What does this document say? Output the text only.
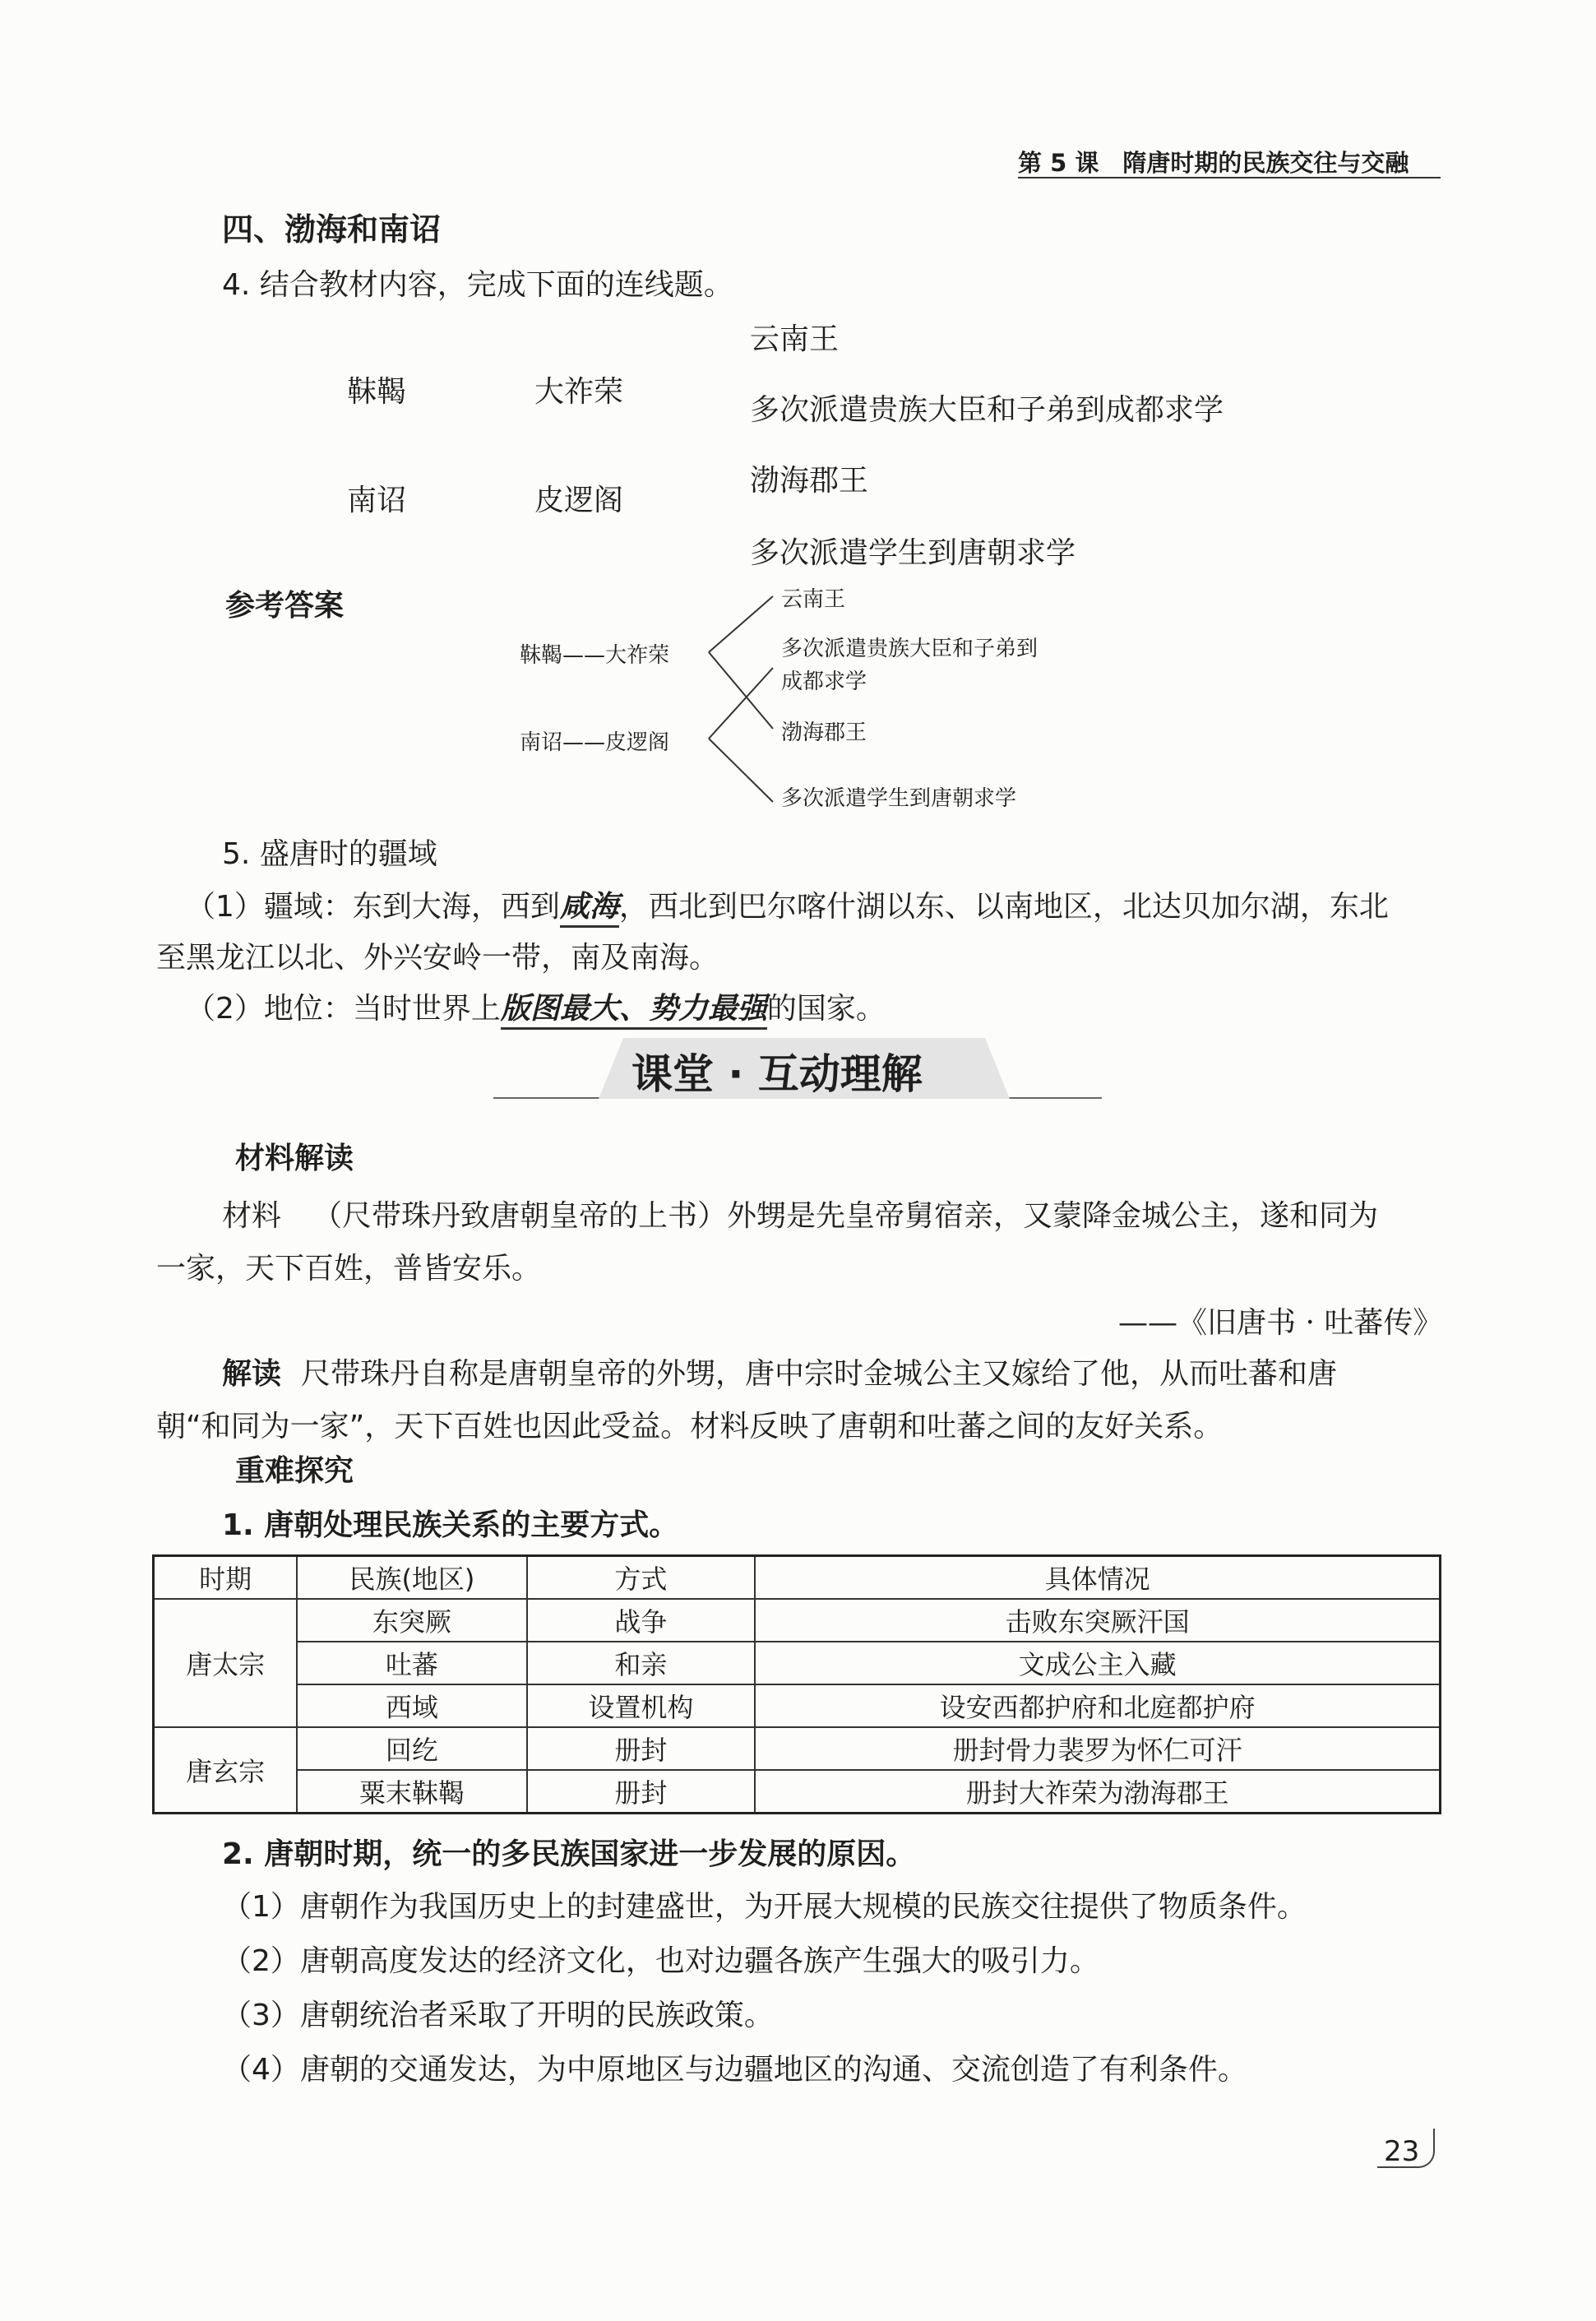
第 5 课　隋唐时期的民族交往与交融
四、渤海和南诏
4. 结合教材内容，完成下面的连线题。
靺鞨
南诏
大祚荣
皮逻阁
云南王
多次派遣贵族大臣和子弟到成都求学
渤海郡王
多次派遣学生到唐朝求学
参考答案
靺鞨——大祚荣
南诏——皮逻阁
云南王
多次派遣贵族大臣和子弟到
成都求学
渤海郡王
多次派遣学生到唐朝求学
5. 盛唐时的疆域
（1）疆域：东到大海，西到咸海，西北到巴尔喀什湖以东、以南地区，北达贝加尔湖，东北
至黑龙江以北、外兴安岭一带，南及南海。
（2）地位：当时世界上版图最大、势力最强的国家。
课堂 · 互动理解
材料解读
材料 （尺带珠丹致唐朝皇帝的上书）外甥是先皇帝舅宿亲，又蒙降金城公主，遂和同为
一家，天下百姓，普皆安乐。
——《旧唐书 · 吐蕃传》
解读 尺带珠丹自称是唐朝皇帝的外甥，唐中宗时金城公主又嫁给了他，从而吐蕃和唐
朝“和同为一家”，天下百姓也因此受益。材料反映了唐朝和吐蕃之间的友好关系。
重难探究
1. 唐朝处理民族关系的主要方式。
时期	民族(地区)	方式	具体情况
唐太宗	东突厥	战争	击败东突厥汗国
	吐蕃	和亲	文成公主入藏
	西域	设置机构	设安西都护府和北庭都护府
唐玄宗	回纥	册封	册封骨力裴罗为怀仁可汗
	粟末靺鞨	册封	册封大祚荣为渤海郡王
2. 唐朝时期，统一的多民族国家进一步发展的原因。
（1）唐朝作为我国历史上的封建盛世，为开展大规模的民族交往提供了物质条件。
（2）唐朝高度发达的经济文化，也对边疆各族产生强大的吸引力。
（3）唐朝统治者采取了开明的民族政策。
（4）唐朝的交通发达，为中原地区与边疆地区的沟通、交流创造了有利条件。
23
